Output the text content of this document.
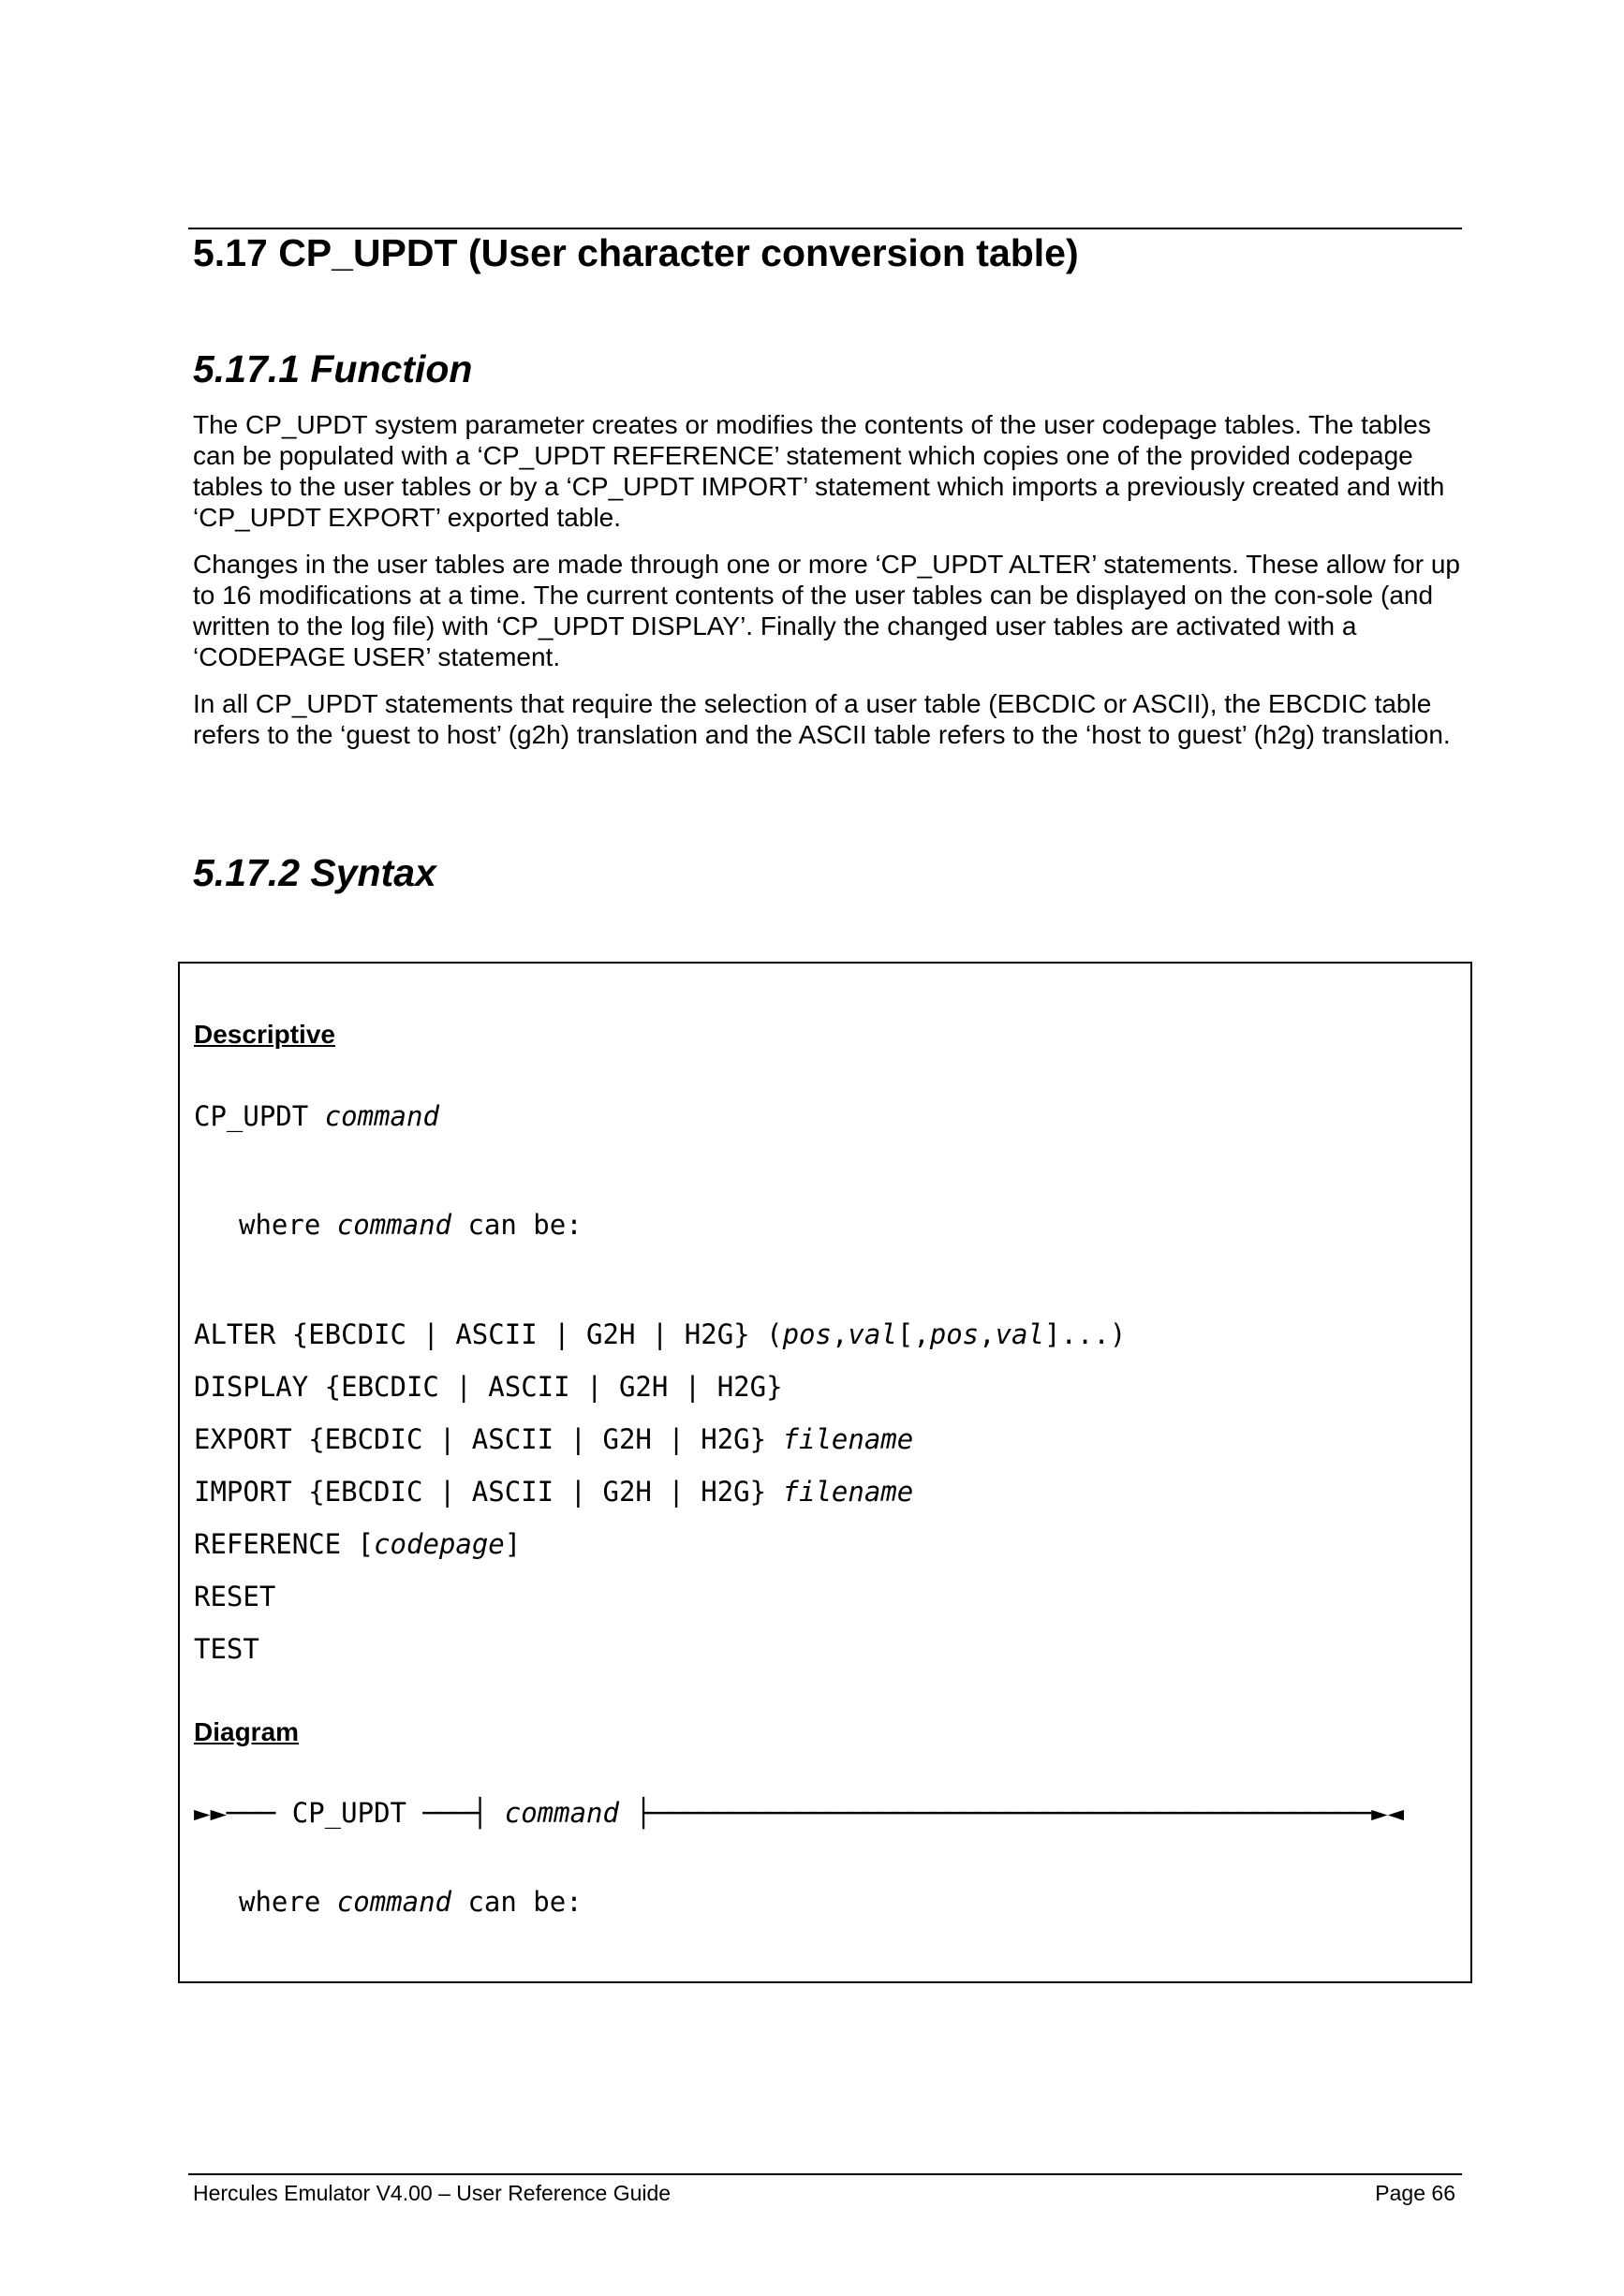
5.17 CP_UPDT (User character conversion table)
5.17.1 Function

The CP_UPDT system parameter creates or modifies the contents of the user codepage tables. The tables can be populated with a ‘CP_UPDT REFERENCE’ statement which copies one of the provided codepage tables to the user tables or by a ‘CP_UPDT IMPORT’ statement which imports a previously created and with ‘CP_UPDT EXPORT’ exported table.

Changes in the user tables are made through one or more ‘CP_UPDT ALTER’ statements. These allow for up to 16 modifications at a time. The current contents of the user tables can be displayed on the con-sole (and written to the log file) with ‘CP_UPDT DISPLAY’. Finally the changed user tables are activated with a ‘CODEPAGE USER’ statement.

In all CP_UPDT statements that require the selection of a user table (EBCDIC or ASCII), the EBCDIC table refers to the ‘guest to host’ (g2h) translation and the ASCII table refers to the ‘host to guest’ (h2g) translation.

5.17.2 Syntax
Descriptive
CP_UPDT command
where command can be:
ALTER {EBCDIC | ASCII | G2H | H2G} (pos,val[,pos,val]...)
DISPLAY {EBCDIC | ASCII | G2H | H2G}
EXPORT {EBCDIC | ASCII | G2H | H2G} filename
IMPORT {EBCDIC | ASCII | G2H | H2G} filename
REFERENCE [codepage]
RESET
TEST
Diagram
►►─── CP_UPDT ───┤ command ├────────────────────────────────────────────►◄
where command can be:
Hercules Emulator V4.00 – User Reference Guide	Page 66
